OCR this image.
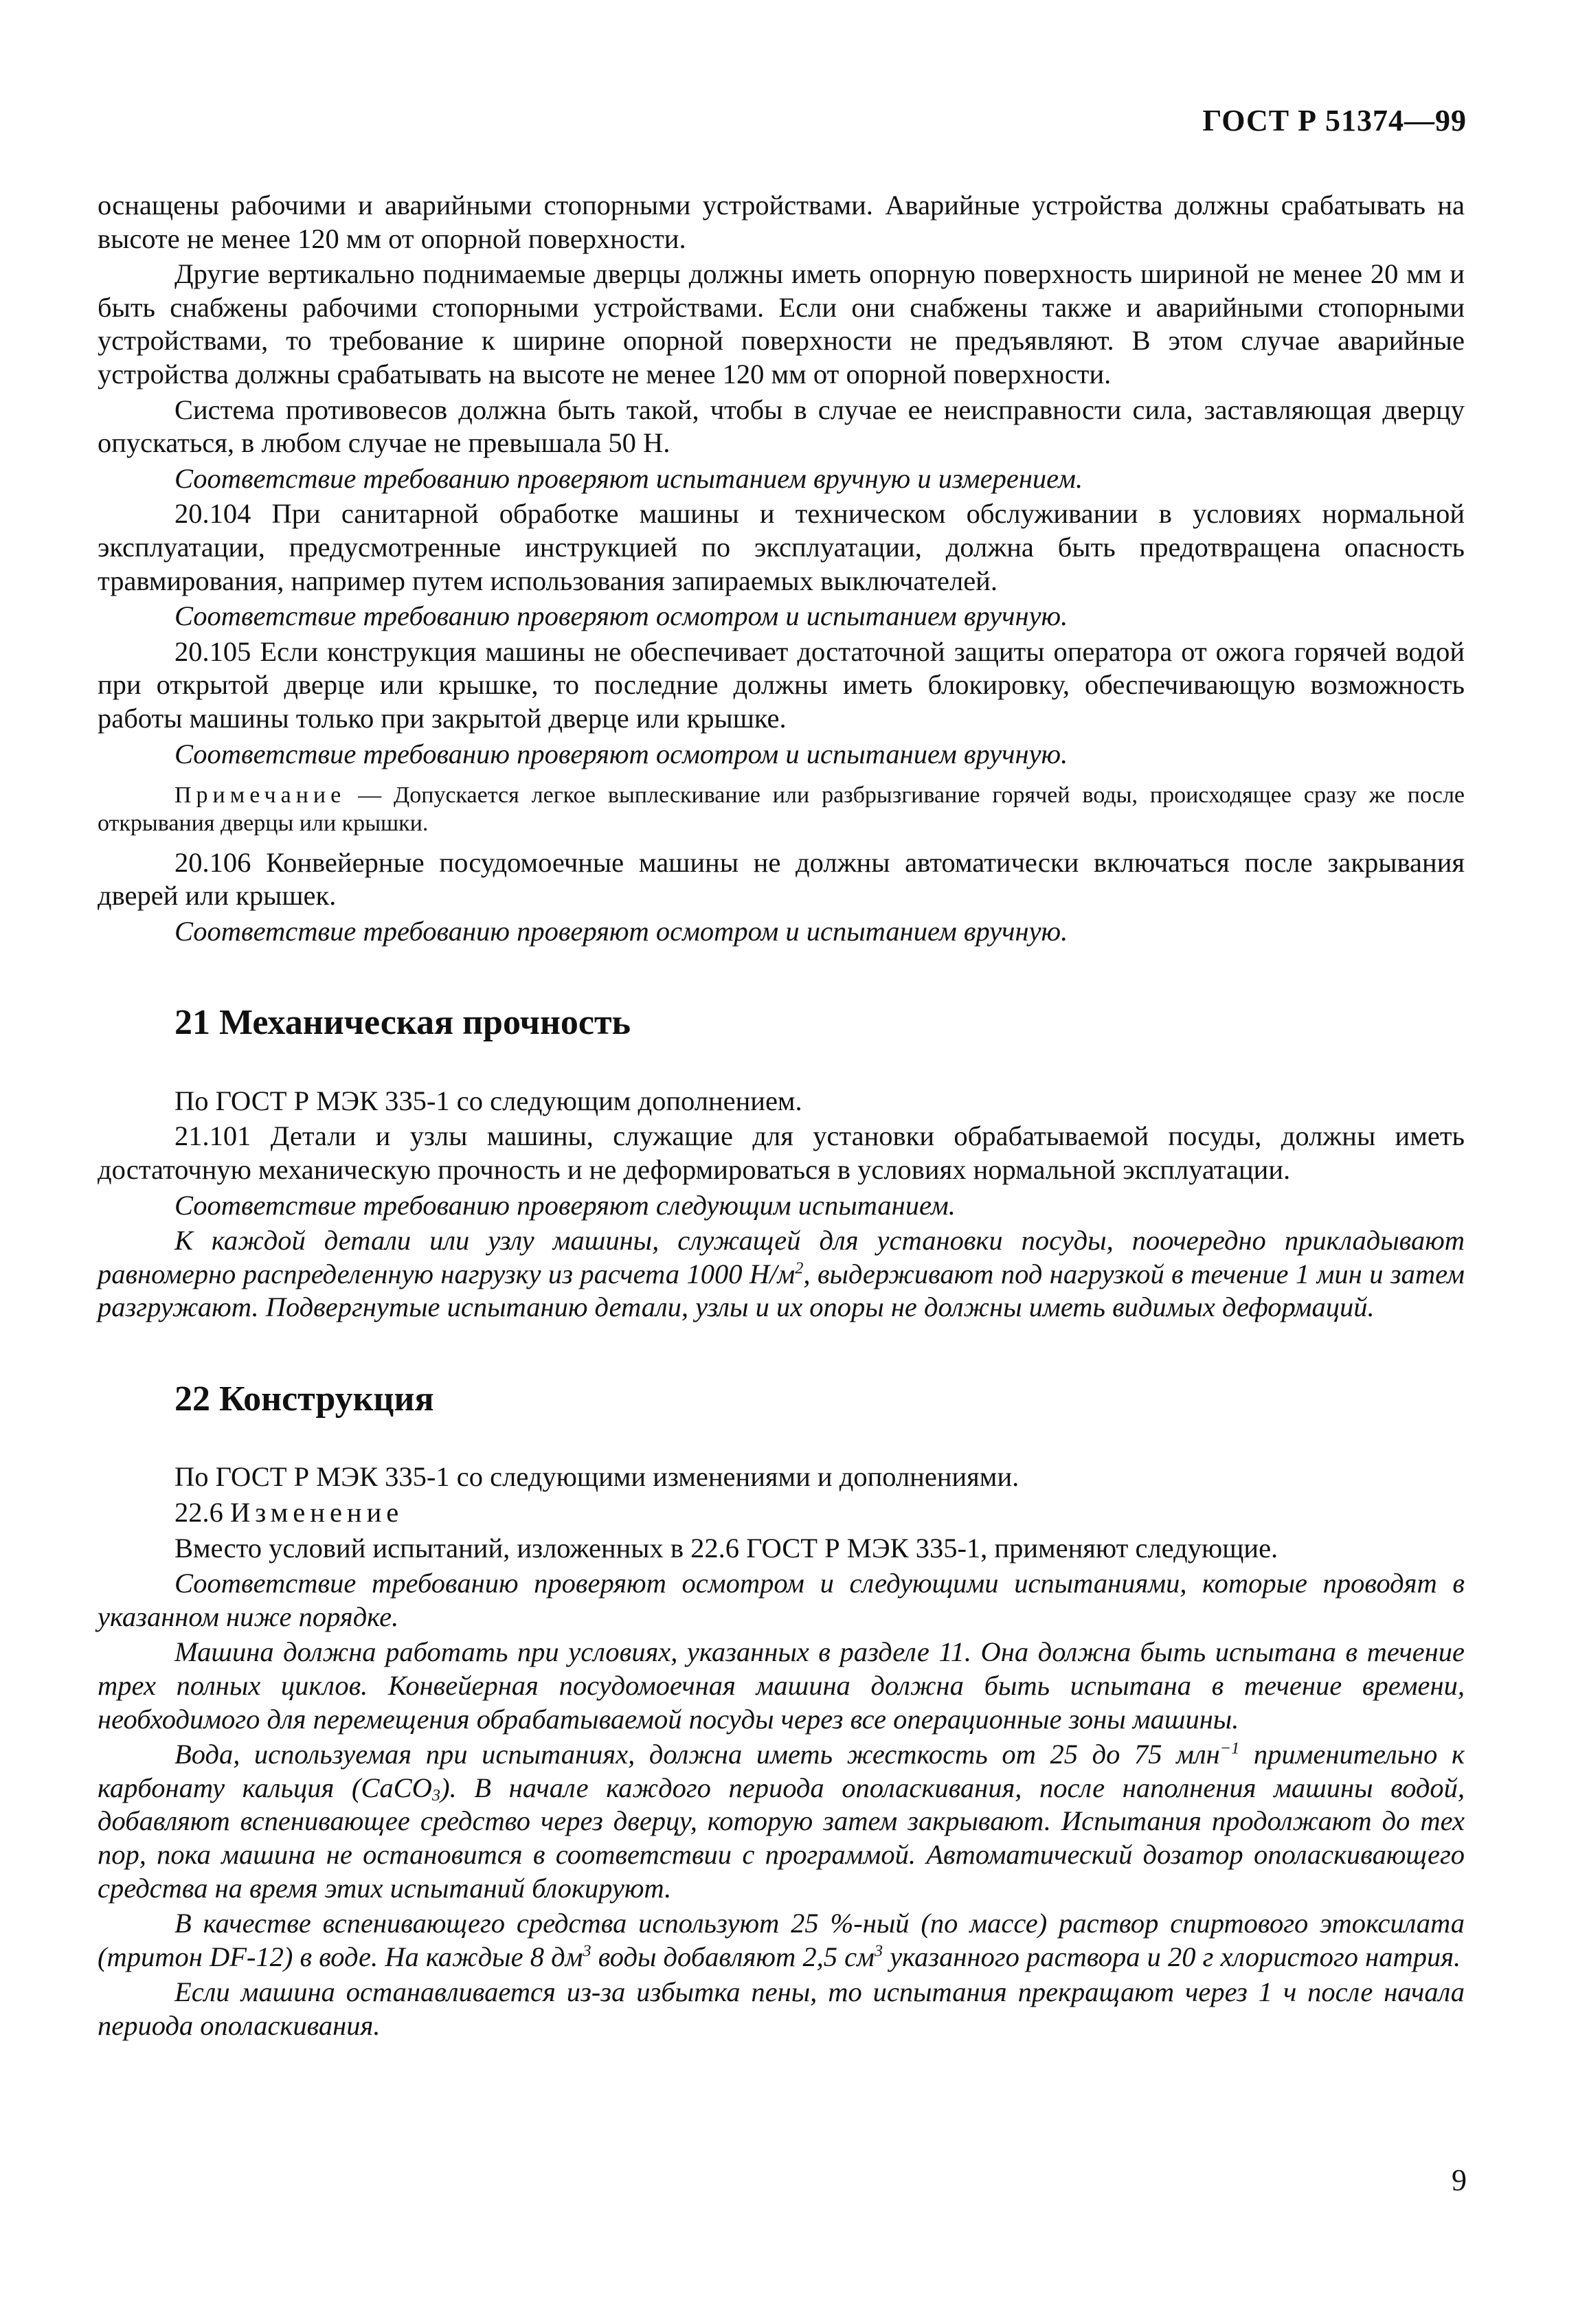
ГОСТ Р 51374—99

оснащены рабочими и аварийными стопорными устройствами. Аварийные устройства должны срабатывать на высоте не менее 120 мм от опорной поверхности.

Другие вертикально поднимаемые дверцы должны иметь опорную поверхность шириной не менее 20 мм и быть снабжены рабочими стопорными устройствами. Если они снабжены также и аварийными стопорными устройствами, то требование к ширине опорной поверхности не предъявляют. В этом случае аварийные устройства должны срабатывать на высоте не менее 120 мм от опорной поверхности.

Система противовесов должна быть такой, чтобы в случае ее неисправности сила, заставляющая дверцу опускаться, в любом случае не превышала 50 Н.

Соответствие требованию проверяют испытанием вручную и измерением.

20.104 При санитарной обработке машины и техническом обслуживании в условиях нормальной эксплуатации, предусмотренные инструкцией по эксплуатации, должна быть предотвращена опасность травмирования, например путем использования запираемых выключателей.

Соответствие требованию проверяют осмотром и испытанием вручную.

20.105 Если конструкция машины не обеспечивает достаточной защиты оператора от ожога горячей водой при открытой дверце или крышке, то последние должны иметь блокировку, обеспечивающую возможность работы машины только при закрытой дверце или крышке.

Соответствие требованию проверяют осмотром и испытанием вручную.

Примечание — Допускается легкое выплескивание или разбрызгивание горячей воды, происходящее сразу же после открывания дверцы или крышки.

20.106 Конвейерные посудомоечные машины не должны автоматически включаться после закрывания дверей или крышек.

Соответствие требованию проверяют осмотром и испытанием вручную.

21 Механическая прочность

По ГОСТ Р МЭК 335-1 со следующим дополнением.

21.101 Детали и узлы машины, служащие для установки обрабатываемой посуды, должны иметь достаточную механическую прочность и не деформироваться в условиях нормальной эксплуатации.

Соответствие требованию проверяют следующим испытанием.

К каждой детали или узлу машины, служащей для установки посуды, поочередно прикладывают равномерно распределенную нагрузку из расчета 1000 $Н/м^2$, выдерживают под нагрузкой в течение 1 мин и затем разгружают. Подвергнутые испытанию детали, узлы и их опоры не должны иметь видимых деформаций.

22 Конструкция

По ГОСТ Р МЭК 335-1 со следующими изменениями и дополнениями.

22.6 Изменение

Вместо условий испытаний, изложенных в 22.6 ГОСТ Р МЭК 335-1, применяют следующие.

Соответствие требованию проверяют осмотром и следующими испытаниями, которые проводят в указанном ниже порядке.

Машина должна работать при условиях, указанных в разделе 11. Она должна быть испытана в течение трех полных циклов. Конвейерная посудомоечная машина должна быть испытана в течение времени, необходимого для перемещения обрабатываемой посуды через все операционные зоны машины.

Вода, используемая при испытаниях, должна иметь жесткость от 25 до 75 млн$^{-1}$ применительно к карбонату кальция (CaCO$_3$). В начале каждого периода ополаскивания, после наполнения машины водой, добавляют вспенивающее средство через дверцу, которую затем закрывают. Испытания продолжают до тех пор, пока машина не остановится в соответствии с программой. Автоматический дозатор ополаскивающего средства на время этих испытаний блокируют.

В качестве вспенивающего средства используют 25 %-ный (по массе) раствор спиртового этоксилата (тритон DF-12) в воде. На каждые 8 $дм^3$ воды добавляют 2,5 $см^3$ указанного раствора и 20 г хлористого натрия.

Если машина останавливается из-за избытка пены, то испытания прекращают через 1 ч после начала периода ополаскивания.

9
